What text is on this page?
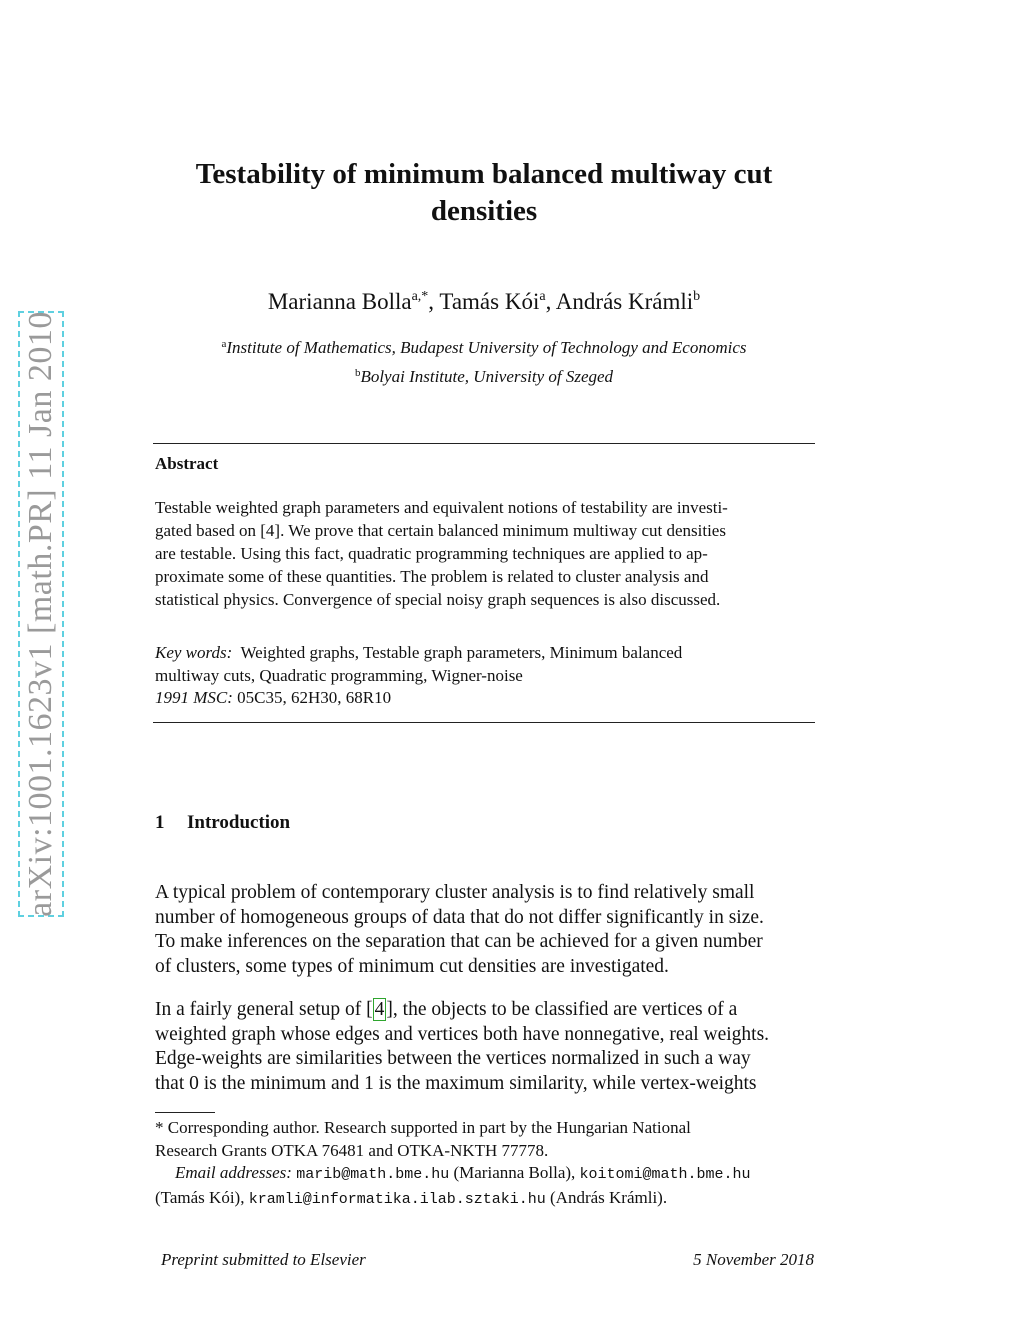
arXiv:1001.1623v1 [math.PR] 11 Jan 2010
Testability of minimum balanced multiway cut
densities
Marianna Bolla$^{a,*}$, Tamás Kói$^a$, András Krámli$^b$
$^a$Institute of Mathematics, Budapest University of Technology and Economics
$^b$Bolyai Institute, University of Szeged
Abstract
Testable weighted graph parameters and equivalent notions of testability are investi-
gated based on [4]. We prove that certain balanced minimum multiway cut densities
are testable. Using this fact, quadratic programming techniques are applied to ap-
proximate some of these quantities. The problem is related to cluster analysis and
statistical physics. Convergence of special noisy graph sequences is also discussed.
Key words: Weighted graphs, Testable graph parameters, Minimum balanced
multiway cuts, Quadratic programming, Wigner-noise
1991 MSC: 05C35, 62H30, 68R10
1 Introduction
A typical problem of contemporary cluster analysis is to find relatively small
number of homogeneous groups of data that do not differ significantly in size.
To make inferences on the separation that can be achieved for a given number
of clusters, some types of minimum cut densities are investigated.
In a fairly general setup of [ 4 ], the objects to be classified are vertices of a
weighted graph whose edges and vertices both have nonnegative, real weights.
Edge-weights are similarities between the vertices normalized in such a way
that 0 is the minimum and 1 is the maximum similarity, while vertex-weights
* Corresponding author. Research supported in part by the Hungarian National
Research Grants OTKA 76481 and OTKA-NKTH 77778.
Email addresses: marib@math.bme.hu (Marianna Bolla), koitomi@math.bme.hu
(Tamás Kói), kramli@informatika.ilab.sztaki.hu (András Krámli).
Preprint submitted to Elsevier	5 November 2018
